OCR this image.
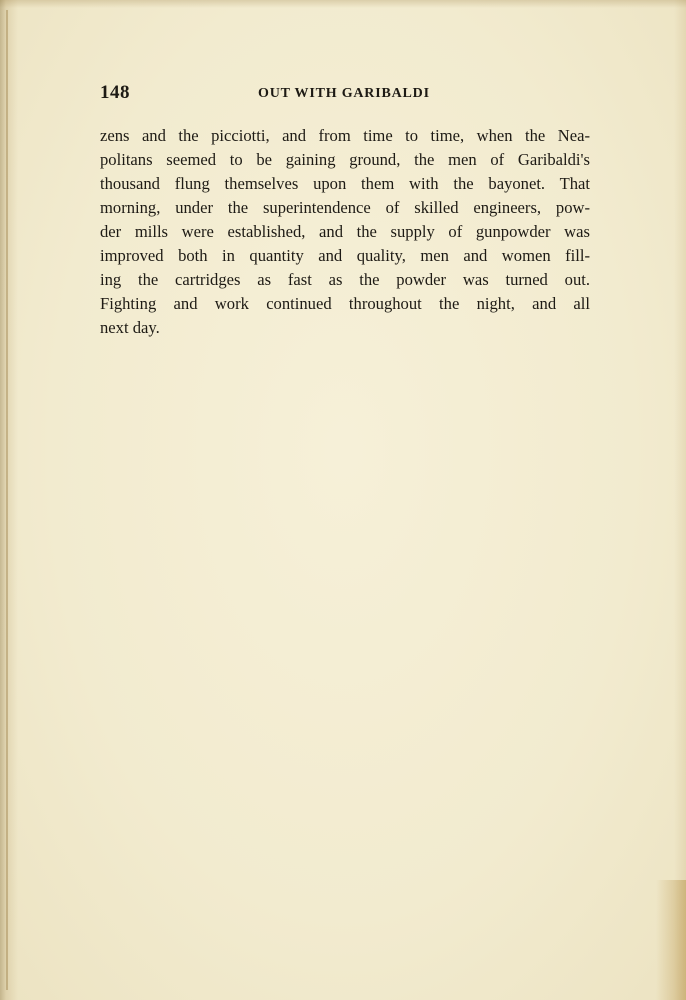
148	OUT WITH GARIBALDI
zens and the picciotti, and from time to time, when the Nea-
politans seemed to be gaining ground, the men of Garibaldi's
thousand flung themselves upon them with the bayonet. That
morning, under the superintendence of skilled engineers, pow-
der mills were established, and the supply of gunpowder was
improved both in quantity and quality, men and women fill-
ing the cartridges as fast as the powder was turned out.
Fighting and work continued throughout the night, and all
next day.
